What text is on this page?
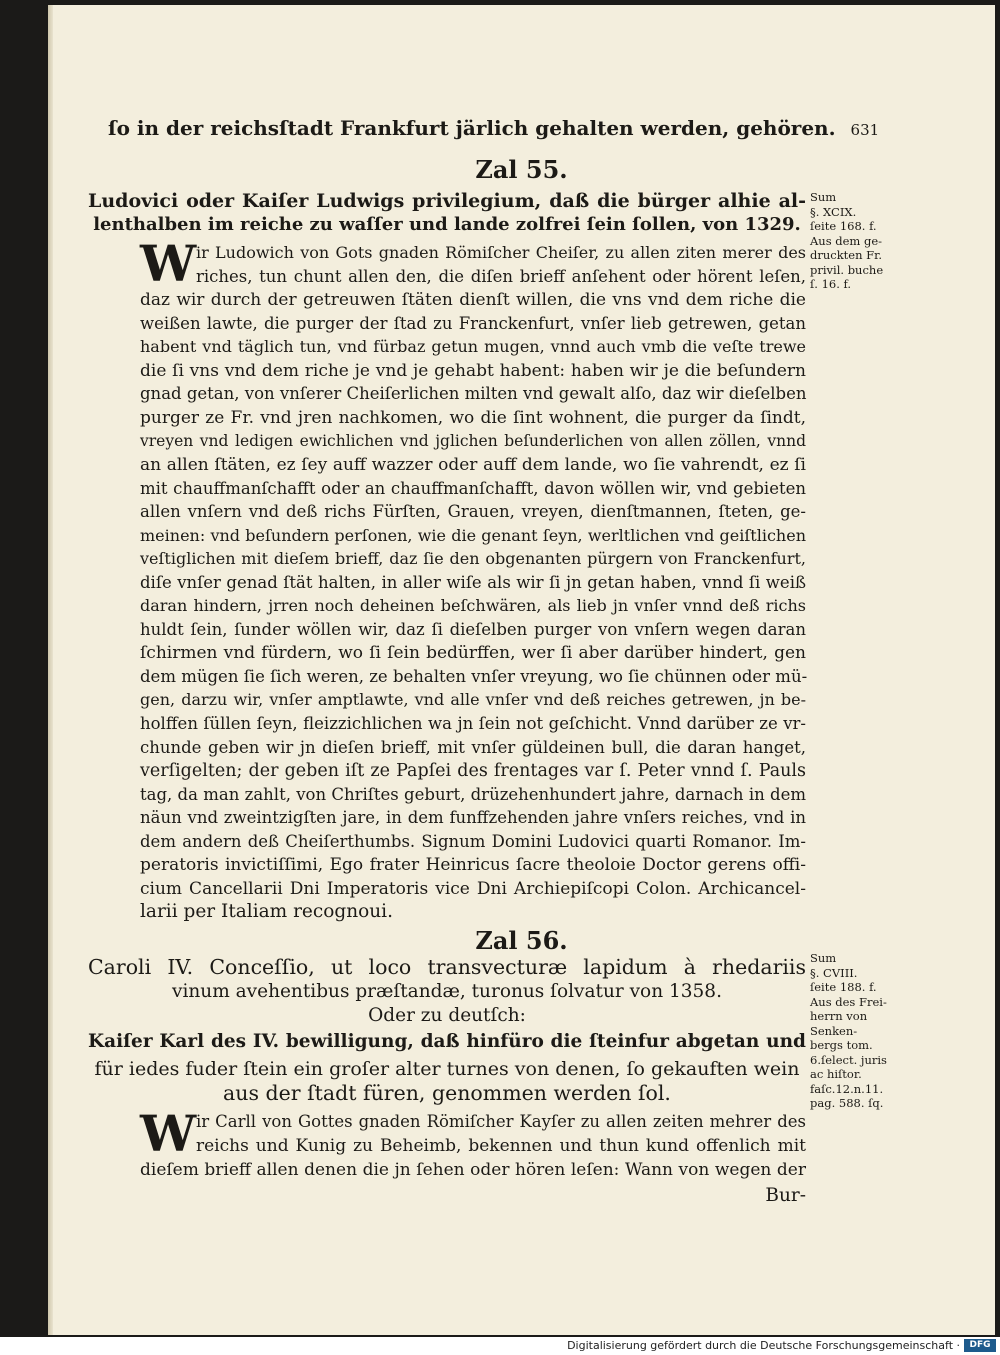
ſo in der reichsſtadt Frankfurt järlich gehalten werden, gehören. 631

Zal 55.

Ludovici oder Kaiſer Ludwigs privilegium, daß die bürger alhie al-

lenthalben im reiche zu waſſer und lande zolfrei ſein ſollen, von 1329.

W ir Ludowich von Gots gnaden Römiſcher Cheiſer, zu allen ziten merer des

riches, tun chunt allen den, die diſen brieff anſehent oder hörent leſen,

daz wir durch der getreuwen ſtäten dienſt willen, die vns vnd dem riche die

weißen lawte, die purger der ſtad zu Franckenfurt, vnſer lieb getrewen, getan

habent vnd täglich tun, vnd fürbaz getun mugen, vnnd auch vmb die veſte trewe

die ſi vns vnd dem riche je vnd je gehabt habent: haben wir je die beſundern

gnad getan, von vnſerer Cheiſerlichen milten vnd gewalt alſo, daz wir dieſelben

purger ze Fr. vnd jren nachkomen, wo die ſint wohnent, die purger da ſindt,

vreyen vnd ledigen ewichlichen vnd jglichen beſunderlichen von allen zöllen, vnnd

an allen ſtäten, ez ſey auff wazzer oder auff dem lande, wo ſie vahrendt, ez ſi

mit chauffmanſchafft oder an chauffmanſchafft, davon wöllen wir, vnd gebieten

allen vnſern vnd deß richs Fürſten, Grauen, vreyen, dienſtmannen, ſteten, ge-

meinen: vnd beſundern perſonen, wie die genant ſeyn, werltlichen vnd geiſtlichen

veſtiglichen mit dieſem brieff, daz ſie den obgenanten pürgern von Franckenfurt,

diſe vnſer genad ſtät halten, in aller wiſe als wir ſi jn getan haben, vnnd ſi weiß

daran hindern, jrren noch deheinen beſchwären, als lieb jn vnſer vnnd deß richs

huldt ſein, ſunder wöllen wir, daz ſi dieſelben purger von vnſern wegen daran

ſchirmen vnd fürdern, wo ſi ſein bedürffen, wer ſi aber darüber hindert, gen

dem mügen ſie ſich weren, ze behalten vnſer vreyung, wo ſie chünnen oder mü-

gen, darzu wir, vnſer amptlawte, vnd alle vnſer vnd deß reiches getrewen, jn be-

holffen ſüllen ſeyn, fleizzichlichen wa jn ſein not geſchicht. Vnnd darüber ze vr-

chunde geben wir jn dieſen brieff, mit vnſer güldeinen bull, die daran hanget,

verſigelten; der geben iſt ze Papſei des frentages var ſ. Peter vnnd ſ. Pauls

tag, da man zahlt, von Chriſtes geburt, drüzehenhundert jahre, darnach in dem

näun vnd zweintzigſten jare, in dem funffzehenden jahre vnſers reiches, vnd in

dem andern deß Cheiſerthumbs. Signum Domini Ludovici quarti Romanor. Im-

peratoris invictiſſimi, Ego frater Heinricus ſacre theoloie Doctor gerens offi-

cium Cancellarii Dni Imperatoris vice Dni Archiepiſcopi Colon. Archicancel-

larii per Italiam recognoui.

Sum
§. XCIX.
ſeite 168. f.
Aus dem ge-
druckten Fr.
privil. buche
ſ. 16. f.

Zal 56.

Caroli IV. Conceſſio, ut loco transvecturæ lapidum à rhedariis

vinum avehentibus præſtandæ, turonus ſolvatur von 1358.

Oder zu deutſch:

Kaiſer Karl des IV. bewilligung, daß hinfüro die ſteinfur abgetan und

für iedes fuder ſtein ein groſer alter turnes von denen, ſo gekauften wein

aus der ſtadt füren, genommen werden ſol.

W ir Carll von Gottes gnaden Römiſcher Kayſer zu allen zeiten mehrer des

reichs und Kunig zu Beheimb, bekennen und thun kund offenlich mit

dieſem brieff allen denen die jn ſehen oder hören leſen: Wann von wegen der

Bur-

Sum
§. CVIII.
ſeite 188. f.
Aus des Frei-
herrn von
Senken-
bergs tom.
6.ſelect. juris
ac hiſtor.
faſc.12.n.11.
pag. 588. ſq.
Digitalisierung gefördert durch die Deutsche Forschungsgemeinschaft ·	DFG
